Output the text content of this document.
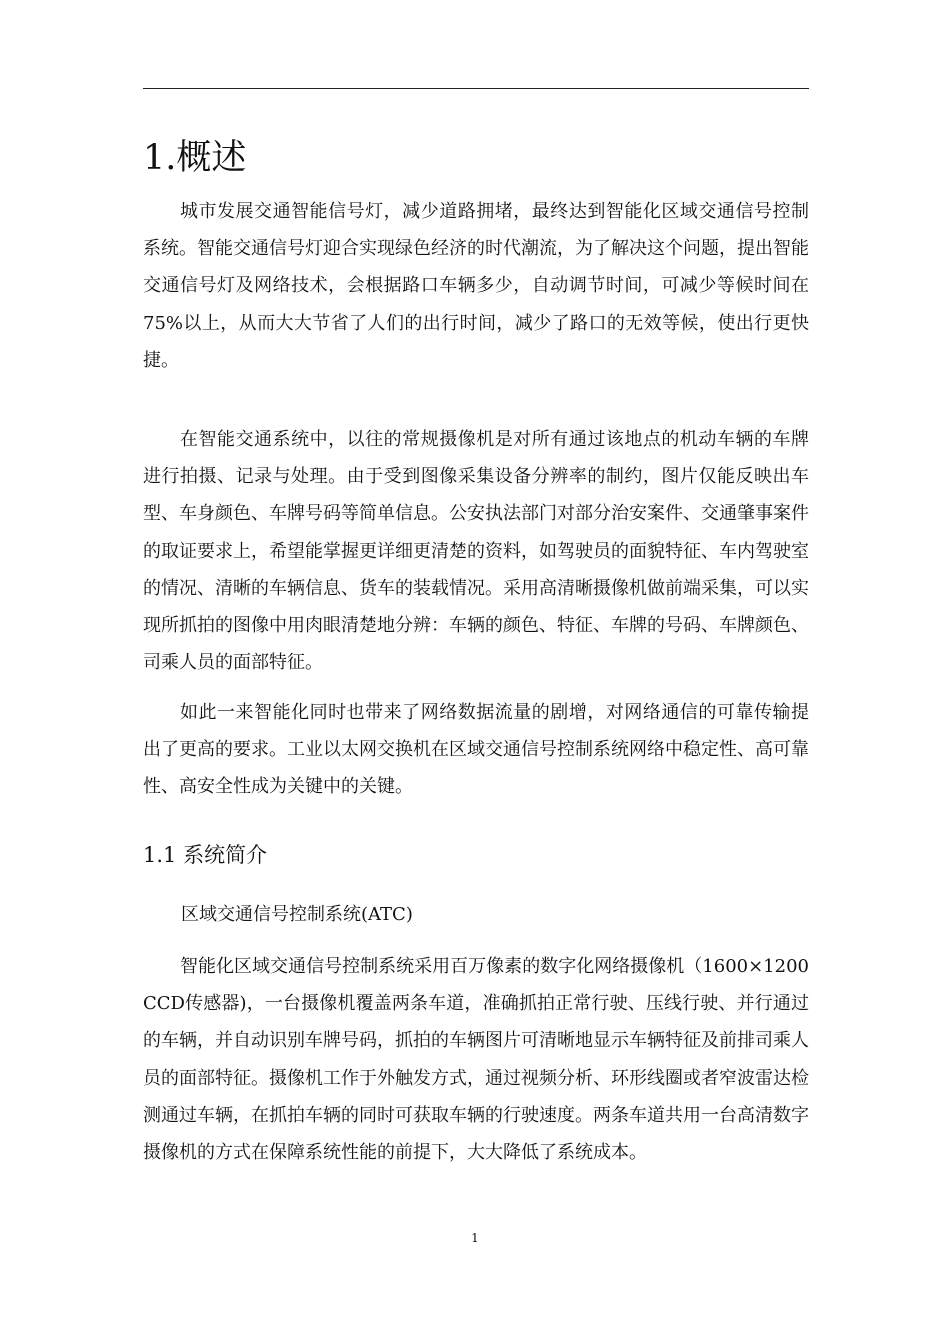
1.概述

城市发展交通智能信号灯，减少道路拥堵，最终达到智能化区域交通信号控制系统。智能交通信号灯迎合实现绿色经济的时代潮流，为了解决这个问题，提出智能交通信号灯及网络技术，会根据路口车辆多少，自动调节时间，可减少等候时间在 75%以上，从而大大节省了人们的出行时间，减少了路口的无效等候，使出行更快捷。

在智能交通系统中，以往的常规摄像机是对所有通过该地点的机动车辆的车牌进行拍摄、记录与处理。由于受到图像采集设备分辨率的制约，图片仅能反映出车型、车身颜色、车牌号码等简单信息。公安执法部门对部分治安案件、交通肇事案件的取证要求上，希望能掌握更详细更清楚的资料，如驾驶员的面貌特征、车内驾驶室的情况、清晰的车辆信息、货车的装载情况。采用高清晰摄像机做前端采集，可以实现所抓拍的图像中用肉眼清楚地分辨：车辆的颜色、特征、车牌的号码、车牌颜色、司乘人员的面部特征。

如此一来智能化同时也带来了网络数据流量的剧增，对网络通信的可靠传输提出了更高的要求。工业以太网交换机在区域交通信号控制系统网络中稳定性、高可靠性、高安全性成为关键中的关键。

1.1 系统简介

区域交通信号控制系统(ATC)

智能化区域交通信号控制系统采用百万像素的数字化网络摄像机（1600×1200 CCD传感器)，一台摄像机覆盖两条车道，准确抓拍正常行驶、压线行驶、并行通过的车辆，并自动识别车牌号码，抓拍的车辆图片可清晰地显示车辆特征及前排司乘人员的面部特征。摄像机工作于外触发方式，通过视频分析、环形线圈或者窄波雷达检测通过车辆，在抓拍车辆的同时可获取车辆的行驶速度。两条车道共用一台高清数字摄像机的方式在保障系统性能的前提下，大大降低了系统成本。

1
